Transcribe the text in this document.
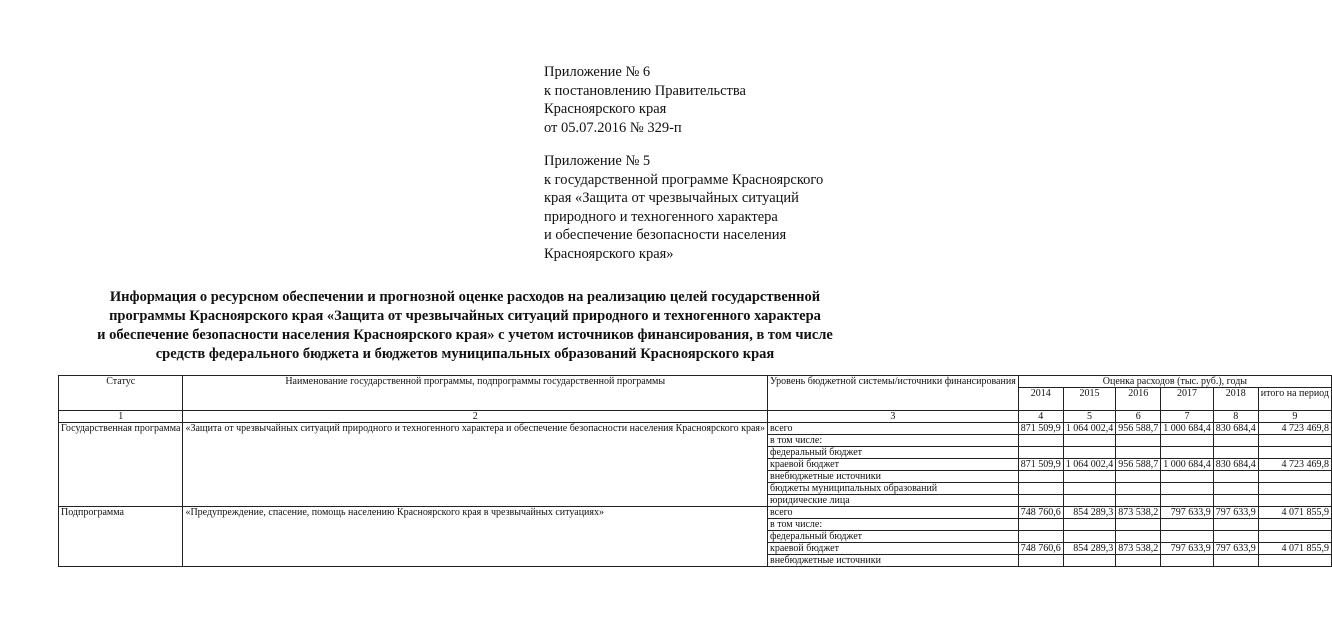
Приложение № 6
к постановлению Правительства
Красноярского края
от 05.07.2016 № 329-п
Приложение № 5
к государственной программе Красноярского
края «Защита от чрезвычайных ситуаций
природного и техногенного характера
и обеспечение безопасности населения
Красноярского края»
Информация о ресурсном обеспечении и прогнозной оценке расходов на реализацию целей государственной
программы Красноярского края «Защита от чрезвычайных ситуаций природного и техногенного характера
и обеспечение безопасности населения Красноярского края» с учетом источников финансирования, в том числе
средств федерального бюджета и бюджетов муниципальных образований Красноярского края
Статус	Наименование государственной программы, подпрограммы государственной программы	Уровень бюджетной системы/источники финансирования	Оценка расходов (тыс. руб.), годы					
			2014	2015	2016	2017	2018	итого на период
1	2	3	4	5	6	7	8	9
Государственная программа	«Защита от чрезвычайных ситуаций природного и техногенного характера и обеспечение безопасности населения Красноярского края»	всего	871 509,9	1 064 002,4	956 588,7	1 000 684,4	830 684,4	4 723 469,8
		в том числе:						
		федеральный бюджет						
		краевой бюджет	871 509,9	1 064 002,4	956 588,7	1 000 684,4	830 684,4	4 723 469,8
		внебюджетные источники						
		бюджеты муниципальных образований						
		юридические лица						
Подпрограмма	«Предупреждение, спасение, помощь населению Красноярского края в чрезвычайных ситуациях»	всего	748 760,6	854 289,3	873 538,2	797 633,9	797 633,9	4 071 855,9
		в том числе:						
		федеральный бюджет						
		краевой бюджет	748 760,6	854 289,3	873 538,2	797 633,9	797 633,9	4 071 855,9
		внебюджетные источники						
